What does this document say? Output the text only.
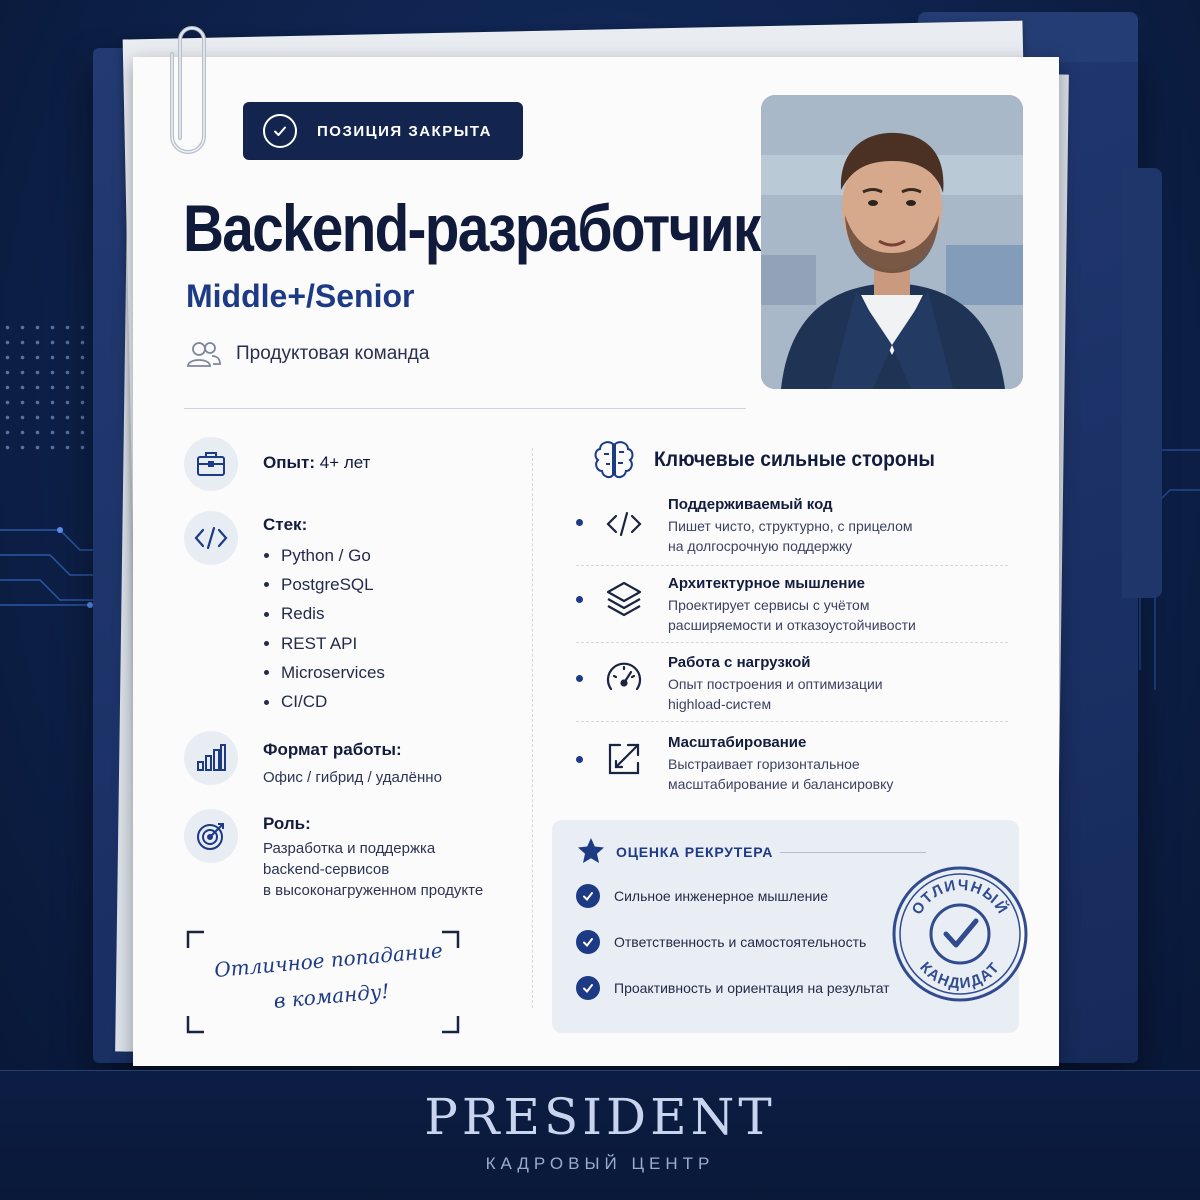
ПОЗИЦИЯ ЗАКРЫТА
Backend-разработчик
Middle+/Senior
Продуктовая команда
Опыт: 4+ лет
Стек:
Python / Go
PostgreSQL
Redis
REST API
Microservices
CI/CD
Формат работы:
Офис / гибрид / удалённо
Роль:
Разработка и поддержка
backend-сервисов
в высоконагруженном продукте
Отличное попадание
в команду!
Ключевые сильные стороны
Поддерживаемый код
Пишет чисто, структурно, с прицелом
на долгосрочную поддержку
Архитектурное мышление
Проектирует сервисы с учётом
расширяемости и отказоустойчивости
Работа с нагрузкой
Опыт построения и оптимизации
highload-систем
Масштабирование
Выстраивает горизонтальное
масштабирование и балансировку
ОЦЕНКА РЕКРУТЕРА
Сильное инженерное мышление
Ответственность и самостоятельность
Проактивность и ориентация на результат
ОТЛИЧНЫЙ
КАНДИДАТ
PRESIDENT
КАДРОВЫЙ ЦЕНТР
